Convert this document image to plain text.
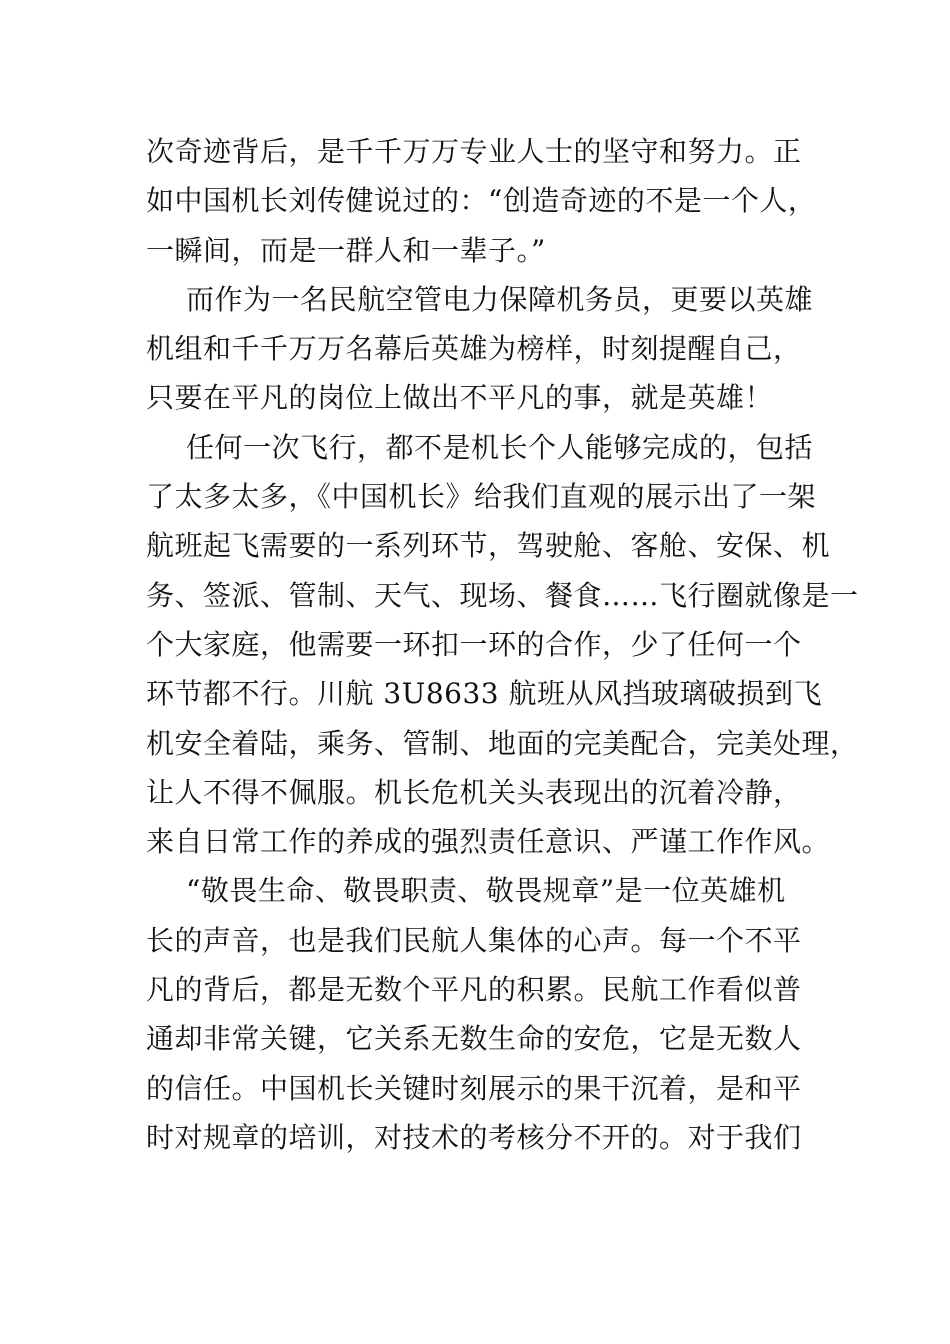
次奇迹背后，是千千万万专业人士的坚守和努力。正
如中国机长刘传健说过的：“创造奇迹的不是一个人，
一瞬间，而是一群人和一辈子。”
而作为一名民航空管电力保障机务员，更要以英雄
机组和千千万万名幕后英雄为榜样，时刻提醒自己，
只要在平凡的岗位上做出不平凡的事，就是英雄！
任何一次飞行，都不是机长个人能够完成的，包括
了太多太多，《中国机长》给我们直观的展示出了一架
航班起飞需要的一系列环节，驾驶舱、客舱、安保、机
务、签派、管制、天气、现场、餐食……飞行圈就像是一
个大家庭，他需要一环扣一环的合作，少了任何一个
环节都不行。川航 3U8633 航班从风挡玻璃破损到飞
机安全着陆，乘务、管制、地面的完美配合，完美处理，
让人不得不佩服。机长危机关头表现出的沉着冷静，
来自日常工作的养成的强烈责任意识、严谨工作作风。
“敬畏生命、敬畏职责、敬畏规章”是一位英雄机
长的声音，也是我们民航人集体的心声。每一个不平
凡的背后，都是无数个平凡的积累。民航工作看似普
通却非常关键，它关系无数生命的安危，它是无数人
的信任。中国机长关键时刻展示的果干沉着，是和平
时对规章的培训，对技术的考核分不开的。对于我们
